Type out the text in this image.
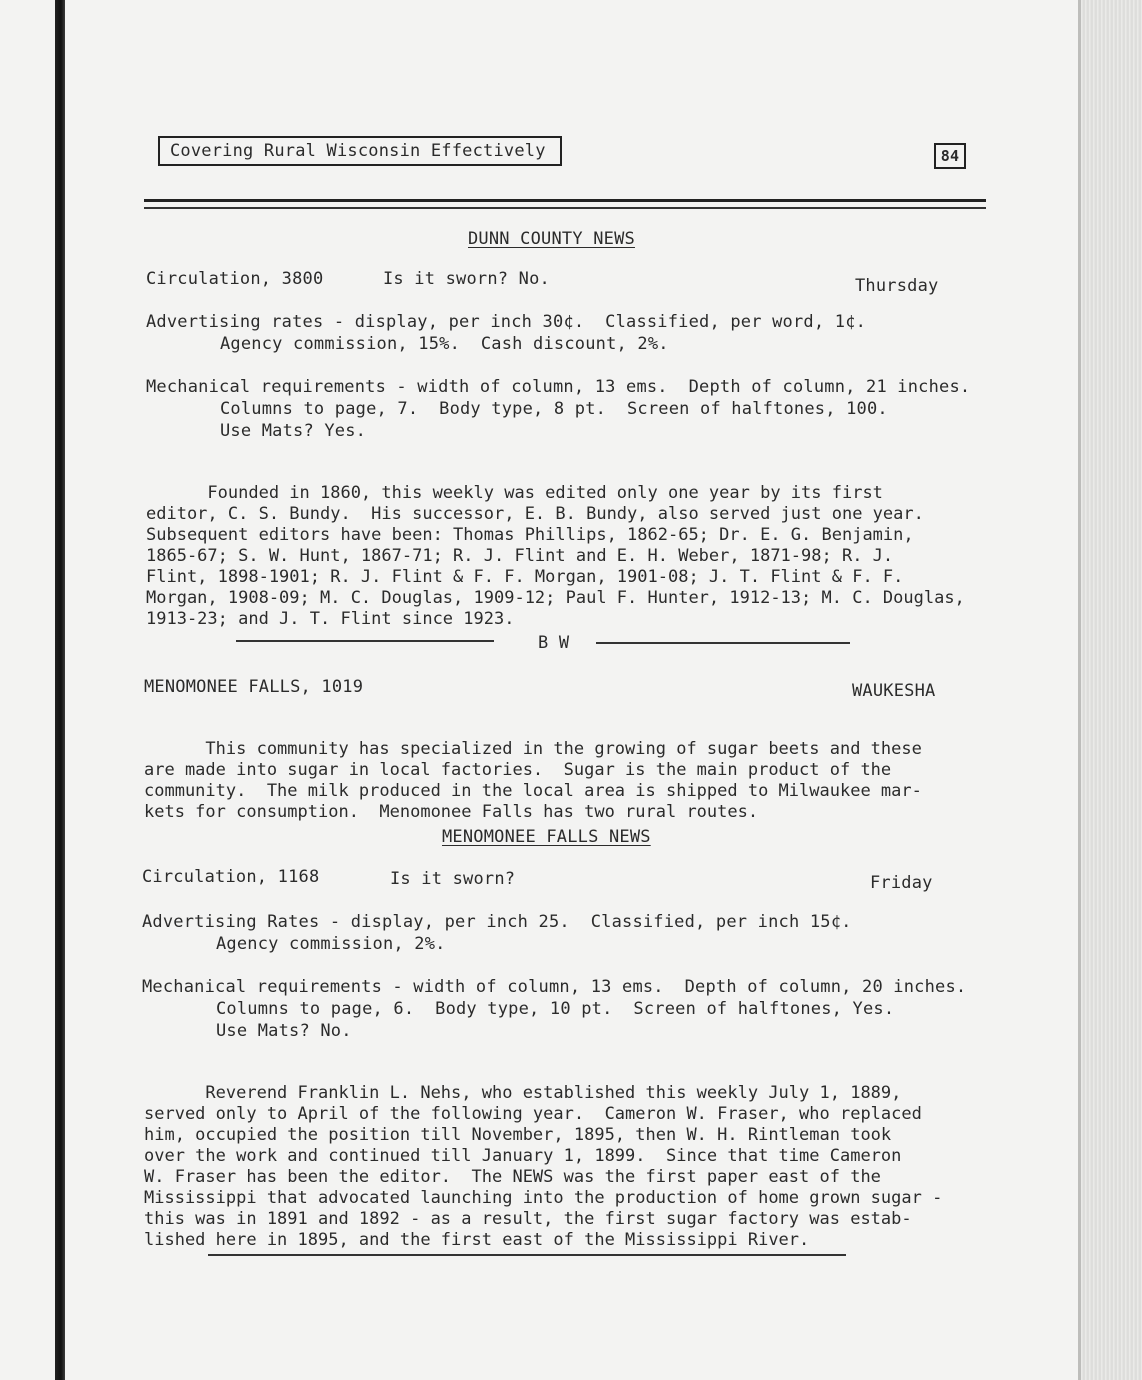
Covering Rural Wisconsin Effectively	84
DUNN COUNTY NEWS
Circulation, 3800	Is it sworn? No.	Thursday
Advertising rates - display, per inch 30¢.  Classified, per word, 1¢.
Agency commission, 15%.  Cash discount, 2%.
Mechanical requirements - width of column, 13 ems.  Depth of column, 21 inches.
Columns to page, 7.  Body type, 8 pt.  Screen of halftones, 100.
Use Mats? Yes.

Founded in 1860, this weekly was edited only one year by its first
editor, C. S. Bundy.  His successor, E. B. Bundy, also served just one year.
Subsequent editors have been: Thomas Phillips, 1862-65; Dr. E. G. Benjamin,
1865-67; S. W. Hunt, 1867-71; R. J. Flint and E. H. Weber, 1871-98; R. J.
Flint, 1898-1901; R. J. Flint & F. F. Morgan, 1901-08; J. T. Flint & F. F.
Morgan, 1908-09; M. C. Douglas, 1909-12; Paul F. Hunter, 1912-13; M. C. Douglas,
1913-23; and J. T. Flint since 1923.

B W
MENOMONEE FALLS, 1019	WAUKESHA

This community has specialized in the growing of sugar beets and these
are made into sugar in local factories.  Sugar is the main product of the
community.  The milk produced in the local area is shipped to Milwaukee mar-
kets for consumption.  Menomonee Falls has two rural routes.

MENOMONEE FALLS NEWS
Circulation, 1168	Is it sworn?	Friday
Advertising Rates - display, per inch 25.  Classified, per inch 15¢.
Agency commission, 2%.
Mechanical requirements - width of column, 13 ems.  Depth of column, 20 inches.
Columns to page, 6.  Body type, 10 pt.  Screen of halftones, Yes.
Use Mats? No.

Reverend Franklin L. Nehs, who established this weekly July 1, 1889,
served only to April of the following year.  Cameron W. Fraser, who replaced
him, occupied the position till November, 1895, then W. H. Rintleman took
over the work and continued till January 1, 1899.  Since that time Cameron
W. Fraser has been the editor.  The NEWS was the first paper east of the
Mississippi that advocated launching into the production of home grown sugar -
this was in 1891 and 1892 - as a result, the first sugar factory was estab-
lished here in 1895, and the first east of the Mississippi River.
